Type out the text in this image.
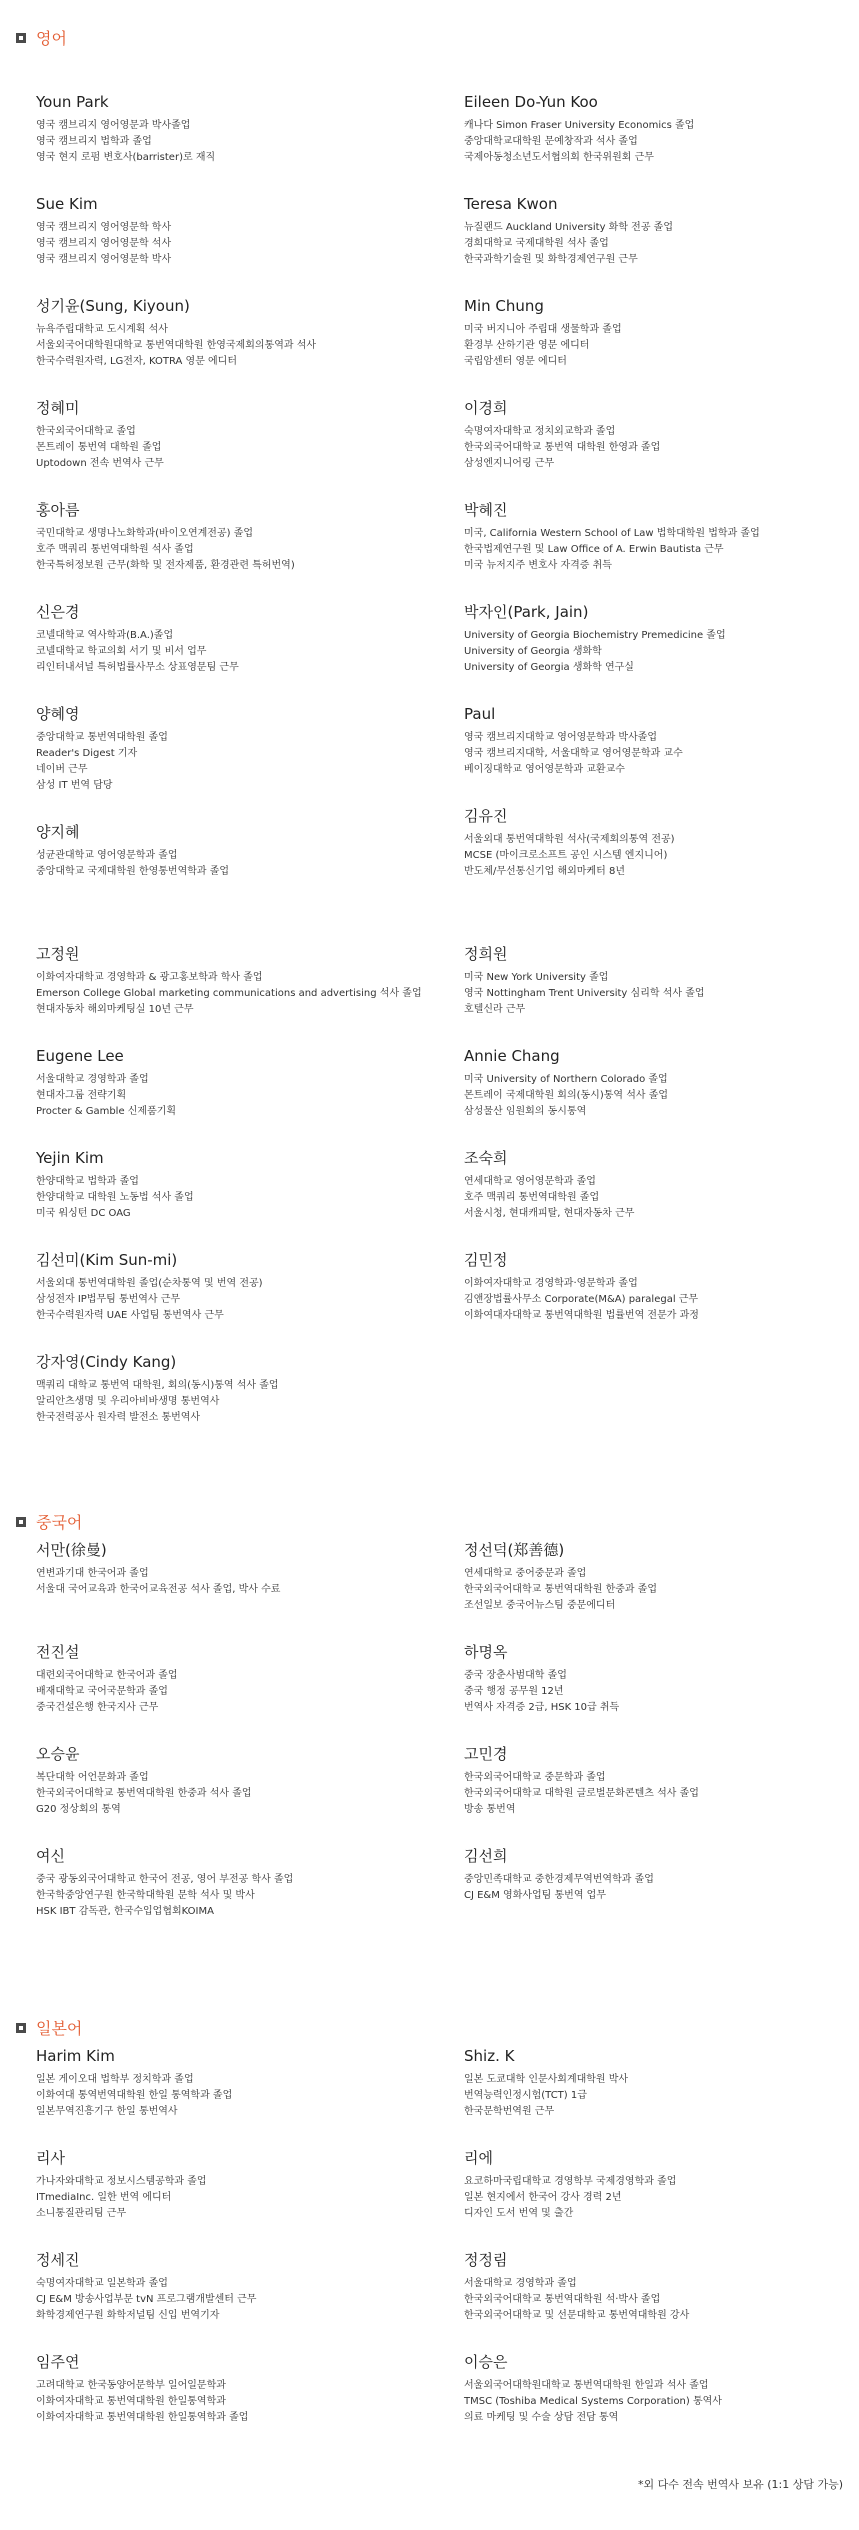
영어
Youn Park
영국 캠브리지 영어영문과 박사졸업
영국 캠브리지 법학과 졸업
영국 현지 로펌 변호사(barrister)로 재직
Sue Kim
영국 캠브리지 영어영문학 학사
영국 캠브리지 영어영문학 석사
영국 캠브리지 영어영문학 박사
성기윤(Sung, Kiyoun)
뉴욕주립대학교 도시계획 석사
서울외국어대학원대학교 통번역대학원 한영국제회의통역과 석사
한국수력원자력, LG전자, KOTRA 영문 에디터
정혜미
한국외국어대학교 졸업
몬트레이 통번역 대학원 졸업
Uptodown 전속 번역사 근무
홍아름
국민대학교 생명나노화학과(바이오연계전공) 졸업
호주 맥쿼리 통번역대학원 석사 졸업
한국특허정보원 근무(화학 및 전자제품, 환경관련 특허번역)
신은경
코넬대학교 역사학과(B.A.)졸업
코넬대학교 학교의회 서기 및 비서 업무
리인터내셔널 특허법률사무소 상표영문팀 근무
양혜영
중앙대학교 통번역대학원 졸업
Reader's Digest 기자
네이버 근무
삼성 IT 번역 담당
양지혜
성균관대학교 영어영문학과 졸업
중앙대학교 국제대학원 한영통번역학과 졸업
고정원
이화여자대학교 경영학과 & 광고홍보학과 학사 졸업
Emerson College Global marketing communications and advertising 석사 졸업
현대자동차 해외마케팅실 10년 근무
Eugene Lee
서울대학교 경영학과 졸업
현대자그룹 전략기획
Procter & Gamble 신제품기획
Yejin Kim
한양대학교 법학과 졸업
한양대학교 대학원 노동법 석사 졸업
미국 워싱턴 DC OAG
김선미(Kim Sun-mi)
서울외대 통번역대학원 졸업(순차통역 및 번역 전공)
삼성전자 IP법무팀 통번역사 근무
한국수력원자력 UAE 사업팀 통번역사 근무
강자영(Cindy Kang)
맥쿼리 대학교 통번역 대학원, 회의(동시)통역 석사 졸업
알리안츠생명 및 우리아비바생명 통번역사
한국전력공사 원자력 발전소 통번역사
Eileen Do-Yun Koo
캐나다 Simon Fraser University Economics 졸업
중앙대학교대학원 문예창작과 석사 졸업
국제아동청소년도서협의회 한국위원회 근무
Teresa Kwon
뉴질랜드 Auckland University 화학 전공 졸업
경희대학교 국제대학원 석사 졸업
한국과학기술원 및 화학경제연구원 근무
Min Chung
미국 버지니아 주립대 생물학과 졸업
환경부 산하기관 영문 에디터
국립암센터 영문 에디터
이경희
숙명여자대학교 정치외교학과 졸업
한국외국어대학교 통번역 대학원 한영과 졸업
삼성엔지니어링 근무
박혜진
미국, California Western School of Law 법학대학원 법학과 졸업
한국법제연구원 및 Law Office of A. Erwin Bautista 근무
미국 뉴저지주 변호사 자격증 취득
박자인(Park, Jain)
University of Georgia Biochemistry Premedicine 졸업
University of Georgia 생화학
University of Georgia 생화학 연구실
Paul
영국 캠브리지대학교 영어영문학과 박사졸업
영국 캠브리지대학, 서울대학교 영어영문학과 교수
베이징대학교 영어영문학과 교환교수
김유진
서울외대 통번역대학원 석사(국제회의통역 전공)
MCSE (마이크로소프트 공인 시스템 엔지니어)
반도체/무선통신기업 해외마케터 8년
정희원
미국 New York University 졸업
영국 Nottingham Trent University 심리학 석사 졸업
호텔신라 근무
Annie Chang
미국 University of Northern Colorado 졸업
몬트레이 국제대학원 회의(동시)통역 석사 졸업
삼성물산 임원회의 동시통역
조숙희
연세대학교 영어영문학과 졸업
호주 맥쿼리 통번역대학원 졸업
서울시청, 현대캐피탈, 현대자동차 근무
김민정
이화여자대학교 경영학과·영문학과 졸업
김앤장법률사무소 Corporate(M&A) paralegal 근무
이화여대자대학교 통번역대학원 법률번역 전문가 과정
중국어
서만(徐曼)
연변과기대 한국어과 졸업
서울대 국어교육과 한국어교육전공 석사 졸업, 박사 수료
전진설
대련외국어대학교 한국어과 졸업
배재대학교 국어국문학과 졸업
중국건설은행 한국지사 근무
오승윤
복단대학 어언문화과 졸업
한국외국어대학교 통번역대학원 한중과 석사 졸업
G20 정상회의 통역
여신
중국 광동외국어대학교 한국어 전공, 영어 부전공 학사 졸업
한국학중앙연구원 한국학대학원 문학 석사 및 박사
HSK IBT 감독관, 한국수입업협회KOIMA
정선덕(郑善德)
연세대학교 중어중문과 졸업
한국외국어대학교 통번역대학원 한중과 졸업
조선일보 중국어뉴스팀 중문에디터
하명옥
중국 장춘사범대학 졸업
중국 행정 공무원 12년
번역사 자격증 2급, HSK 10급 취득
고민경
한국외국어대학교 중문학과 졸업
한국외국어대학교 대학원 글로벌문화콘텐츠 석사 졸업
방송 통번역
김선희
중앙민족대학교 중한경제무역번역학과 졸업
CJ E&M 영화사업팀 통번역 업무
일본어
Harim Kim
일본 게이오대 법학부 정치학과 졸업
이화여대 통역번역대학원 한일 통역학과 졸업
일본무역진흥기구 한일 통번역사
리사
가나자와대학교 정보시스템공학과 졸업
ITmediaInc. 일한 번역 에디터
소니통질관리팀 근무
정세진
숙명여자대학교 일본학과 졸업
CJ E&M 방송사업부문 tvN 프로그램개발센터 근무
화학경제연구원 화학저널팀 신입 번역기자
임주연
고려대학교 한국동양어문학부 일어일문학과
이화여자대학교 통번역대학원 한일통역학과
이화여자대학교 통번역대학원 한일통역학과 졸업
Shiz. K
일본 도쿄대학 인문사회계대학원 박사
번역능력인정시험(TCT) 1급
한국문학번역원 근무
리에
요코하마국립대학교 경영학부 국제경영학과 졸업
일본 현지에서 한국어 강사 경력 2년
디자인 도서 번역 및 출간
정정림
서울대학교 경영학과 졸업
한국외국어대학교 통번역대학원 석·박사 졸업
한국외국어대학교 및 선문대학교 통번역대학원 강사
이승은
서울외국어대학원대학교 통번역대학원 한일과 석사 졸업
TMSC (Toshiba Medical Systems Corporation) 통역사
의료 마케팅 및 수술 상담 전담 통역
*외 다수 전속 번역사 보유 (1:1 상담 가능)
